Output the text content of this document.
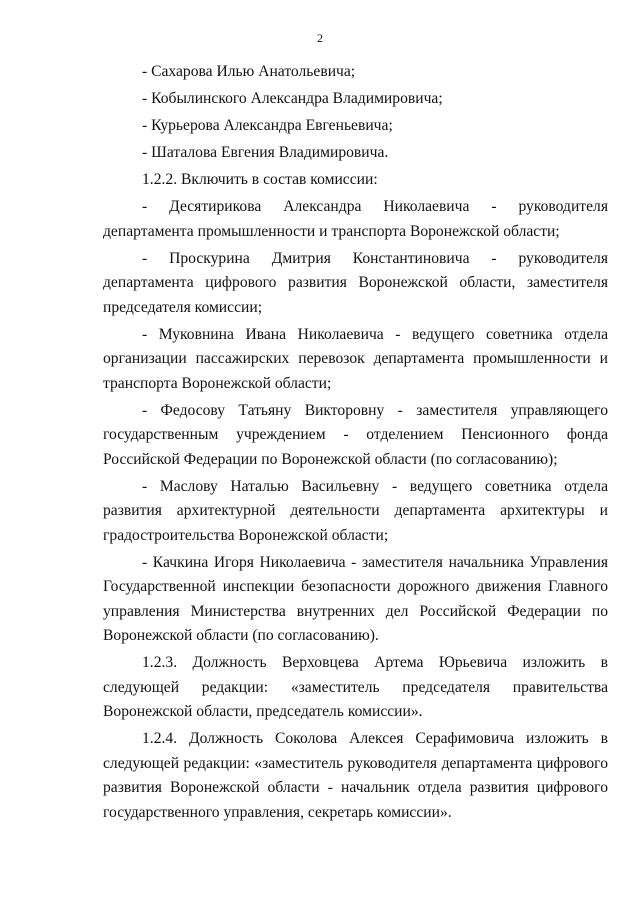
2

- Сахарова Илью Анатольевича;

- Кобылинского Александра Владимировича;

- Курьерова Александра Евгеньевича;

- Шаталова Евгения Владимировича.

1.2.2. Включить в состав комиссии:

- Десятирикова Александра Николаевича - руководителя департамента промышленности и транспорта Воронежской области;

- Проскурина Дмитрия Константиновича - руководителя департамента цифрового развития Воронежской области, заместителя председателя комиссии;

- Муковнина Ивана Николаевича - ведущего советника отдела организации пассажирских перевозок департамента промышленности и транспорта Воронежской области;

- Федосову Татьяну Викторовну - заместителя управляющего государственным учреждением - отделением Пенсионного фонда Российской Федерации по Воронежской области (по согласованию);

- Маслову Наталью Васильевну - ведущего советника отдела развития архитектурной деятельности департамента архитектуры и градостроительства Воронежской области;

- Качкина Игоря Николаевича - заместителя начальника Управления Государственной инспекции безопасности дорожного движения Главного управления Министерства внутренних дел Российской Федерации по Воронежской области (по согласованию).

1.2.3. Должность Верховцева Артема Юрьевича изложить в следующей редакции: «заместитель председателя правительства Воронежской области, председатель комиссии».

1.2.4. Должность Соколова Алексея Серафимовича изложить в следующей редакции: «заместитель руководителя департамента цифрового развития Воронежской области - начальник отдела развития цифрового государственного управления, секретарь комиссии».
